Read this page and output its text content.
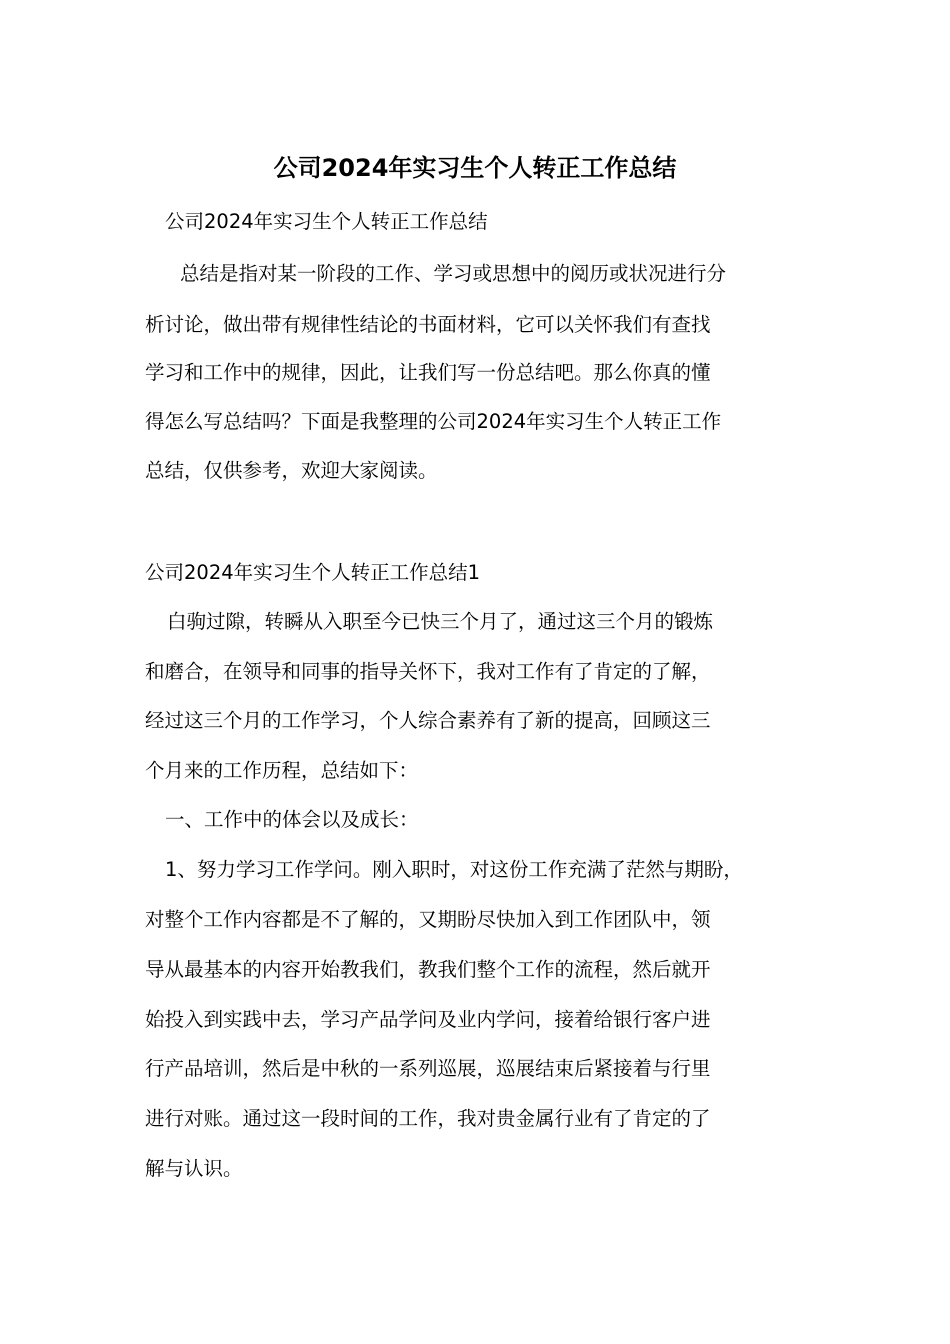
公司2024年实习生个人转正工作总结
公司2024年实习生个人转正工作总结
总结是指对某一阶段的工作、学习或思想中的阅历或状况进行分
析讨论，做出带有规律性结论的书面材料，它可以关怀我们有查找
学习和工作中的规律，因此，让我们写一份总结吧。那么你真的懂
得怎么写总结吗？下面是我整理的公司2024年实习生个人转正工作
总结，仅供参考，欢迎大家阅读。
公司2024年实习生个人转正工作总结1
白驹过隙，转瞬从入职至今已快三个月了，通过这三个月的锻炼
和磨合，在领导和同事的指导关怀下，我对工作有了肯定的了解，
经过这三个月的工作学习，个人综合素养有了新的提高，回顾这三
个月来的工作历程，总结如下：
一、工作中的体会以及成长：
1、努力学习工作学问。刚入职时，对这份工作充满了茫然与期盼，
对整个工作内容都是不了解的，又期盼尽快加入到工作团队中，领
导从最基本的内容开始教我们，教我们整个工作的流程，然后就开
始投入到实践中去，学习产品学问及业内学问，接着给银行客户进
行产品培训，然后是中秋的一系列巡展，巡展结束后紧接着与行里
进行对账。通过这一段时间的工作，我对贵金属行业有了肯定的了
解与认识。
